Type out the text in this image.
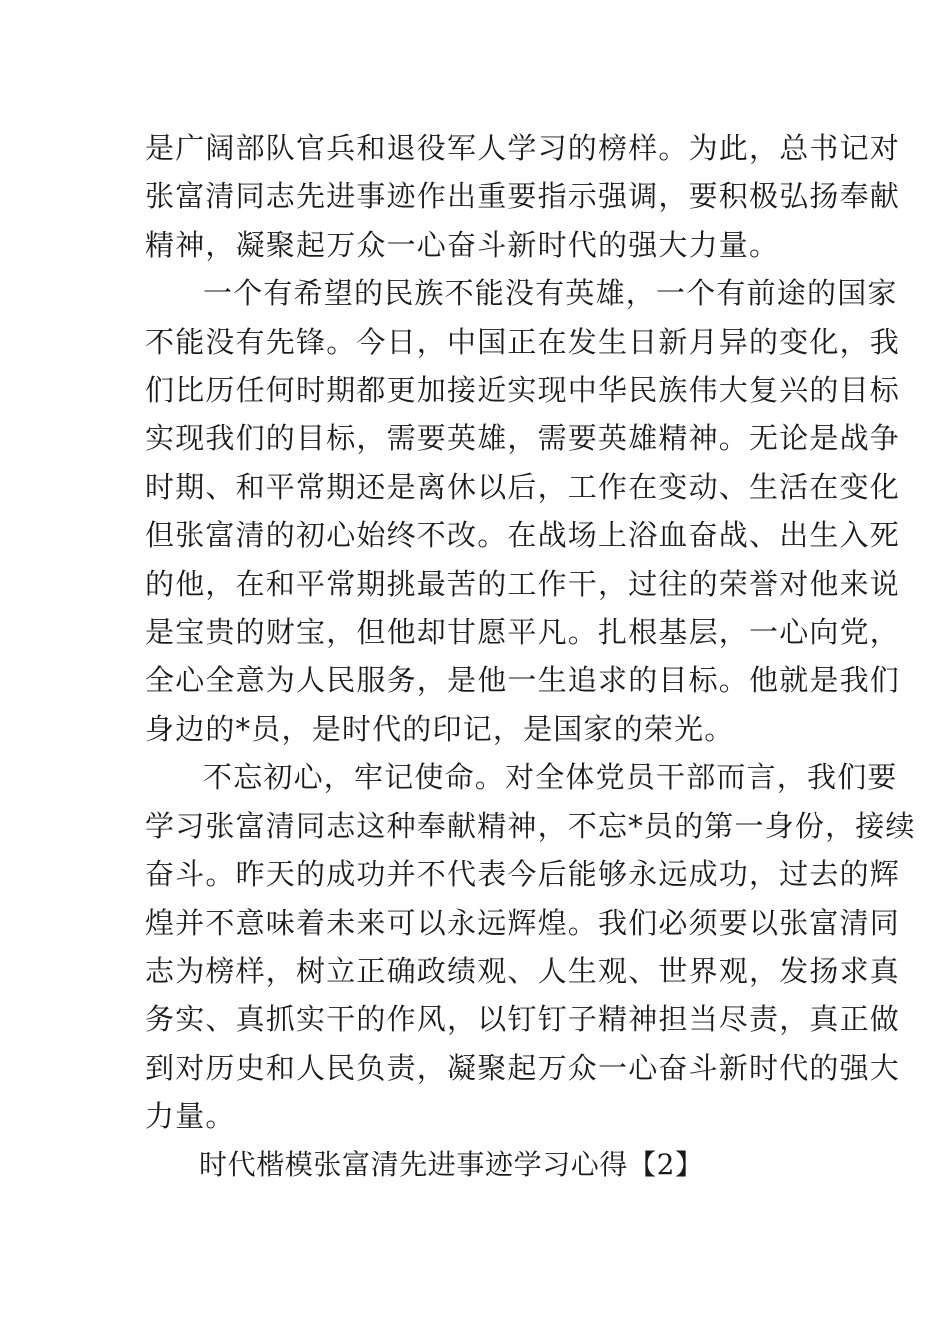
是广阔部队官兵和退役军人学习的榜样。为此，总书记对
张富清同志先进事迹作出重要指示强调，要积极弘扬奉献
精神，凝聚起万众一心奋斗新时代的强大力量。

一个有希望的民族不能没有英雄，一个有前途的国家
不能没有先锋。今日，中国正在发生日新月异的变化，我
们比历任何时期都更加接近实现中华民族伟大复兴的目标
实现我们的目标，需要英雄，需要英雄精神。无论是战争
时期、和平常期还是离休以后，工作在变动、生活在变化
但张富清的初心始终不改。在战场上浴血奋战、出生入死
的他，在和平常期挑最苦的工作干，过往的荣誉对他来说
是宝贵的财宝，但他却甘愿平凡。扎根基层，一心向党，
全心全意为人民服务，是他一生追求的目标。他就是我们
身边的*员，是时代的印记，是国家的荣光。

不忘初心，牢记使命。对全体党员干部而言，我们要
学习张富清同志这种奉献精神，不忘*员的第一身份，接续
奋斗。昨天的成功并不代表今后能够永远成功，过去的辉
煌并不意味着未来可以永远辉煌。我们必须要以张富清同
志为榜样，树立正确政绩观、人生观、世界观，发扬求真
务实、真抓实干的作风，以钉钉子精神担当尽责，真正做
到对历史和人民负责，凝聚起万众一心奋斗新时代的强大
力量。

时代楷模张富清先进事迹学习心得【2】
